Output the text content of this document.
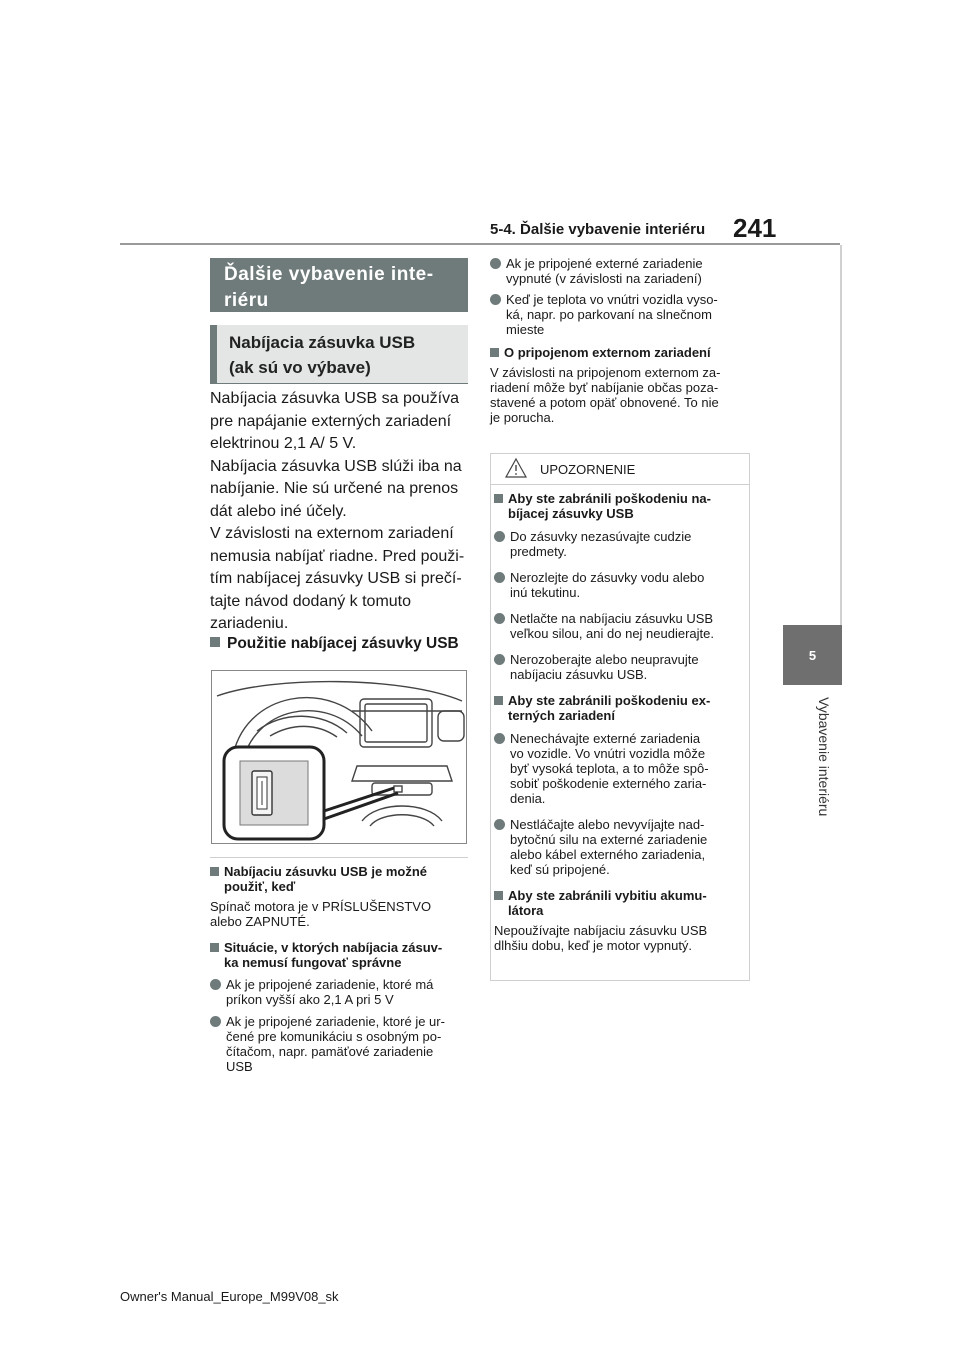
5-4. Ďalšie vybavenie interiéru 241
5
Vybavenie interiéru
Ďalšie vybavenie inte-
riéru
Nabíjacia zásuvka USB
(ak sú vo výbave)

Nabíjacia zásuvka USB sa používa

pre napájanie externých zariadení

elektrinou 2,1 A/ 5 V.

Nabíjacia zásuvka USB slúži iba na

nabíjanie. Nie sú určené na prenos

dát alebo iné účely.

V závislosti na externom zariadení

nemusia nabíjať riadne. Pred použi-

tím nabíjacej zásuvky USB si prečí-

tajte návod dodaný k tomuto

zariadeniu.

Použitie nabíjacej zásuvky USB
Nabíjaciu zásuvku USB je možné
použiť, keď
Spínač motora je v PRÍSLUŠENSTVO
alebo ZAPNUTÉ.
Situácie, v ktorých nabíjacia zásuv-
ka nemusí fungovať správne
Ak je pripojené zariadenie, ktoré má
príkon vyšší ako 2,1 A pri 5 V
Ak je pripojené zariadenie, ktoré je ur-
čené pre komunikáciu s osobným po-
čítačom, napr. pamäťové zariadenie
USB
Ak je pripojené externé zariadenie
vypnuté (v závislosti na zariadení)
Keď je teplota vo vnútri vozidla vyso-
ká, napr. po parkovaní na slnečnom
mieste
O pripojenom externom zariadení
V závislosti na pripojenom externom za-
riadení môže byť nabíjanie občas poza-
stavené a potom opäť obnovené. To nie
je porucha.
UPOZORNENIE
Aby ste zabránili poškodeniu na-
bíjacej zásuvky USB
Do zásuvky nezasúvajte cudzie
predmety.
Nerozlejte do zásuvky vodu alebo
inú tekutinu.
Netlačte na nabíjaciu zásuvku USB
veľkou silou, ani do nej neudierajte.
Nerozoberajte alebo neupravujte
nabíjaciu zásuvku USB.
Aby ste zabránili poškodeniu ex-
terných zariadení
Nenechávajte externé zariadenia
vo vozidle. Vo vnútri vozidla môže
byť vysoká teplota, a to môže spô-
sobiť poškodenie externého zaria-
denia.
Nestláčajte alebo nevyvíjajte nad-
bytočnú silu na externé zariadenie
alebo kábel externého zariadenia,
keď sú pripojené.
Aby ste zabránili vybitiu akumu-
látora
Nepoužívajte nabíjaciu zásuvku USB
dlhšiu dobu, keď je motor vypnutý.
Owner's Manual_Europe_M99V08_sk
